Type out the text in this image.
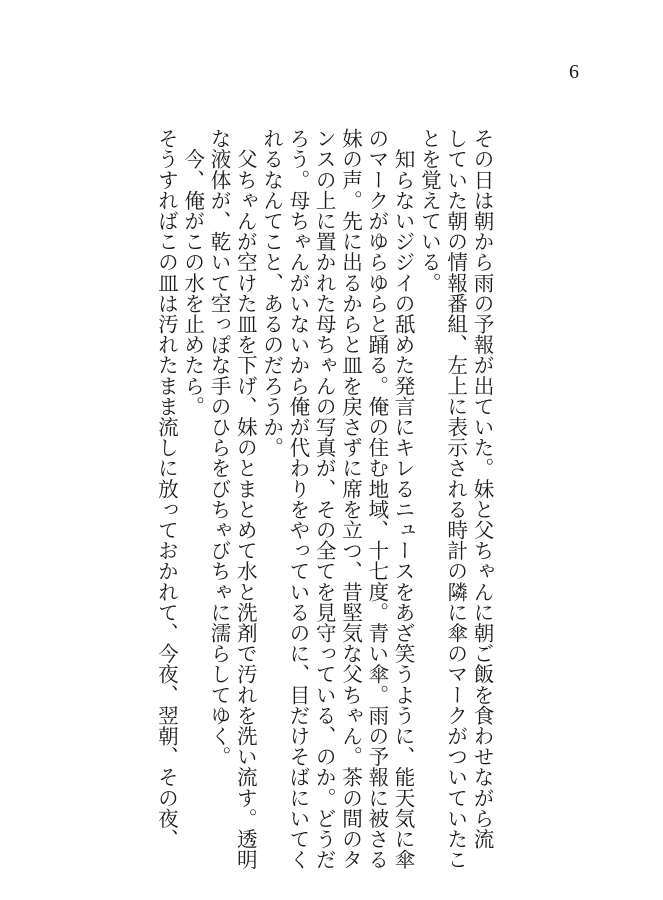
6
その日は朝から雨の予報が出ていた。妹と父ちゃんに朝ご飯を食わせながら流
していた朝の情報番組、左上に表示される時計の隣に傘のマークがついていたこ
とを覚えている。
　知らないジジイの舐めた発言にキレるニュースをあざ笑うように、能天気に傘
のマークがゆらゆらと踊る。俺の住む地域、十七度。青い傘。雨の予報に被さる
妹の声。先に出るからと皿を戻さずに席を立つ、昔堅気な父ちゃん。茶の間のタ
ンスの上に置かれた母ちゃんの写真が、その全てを見守っている、のか。どうだ
ろう。母ちゃんがいないから俺が代わりをやっているのに、目だけそばにいてく
れるなんてこと、あるのだろうか。
　父ちゃんが空けた皿を下げ、妹のとまとめて水と洗剤で汚れを洗い流す。透明
な液体が、乾いて空っぽな手のひらをびちゃびちゃに濡らしてゆく。
　今、俺がこの水を止めたら。
そうすればこの皿は汚れたまま流しに放っておかれて、今夜、翌朝、その夜、
